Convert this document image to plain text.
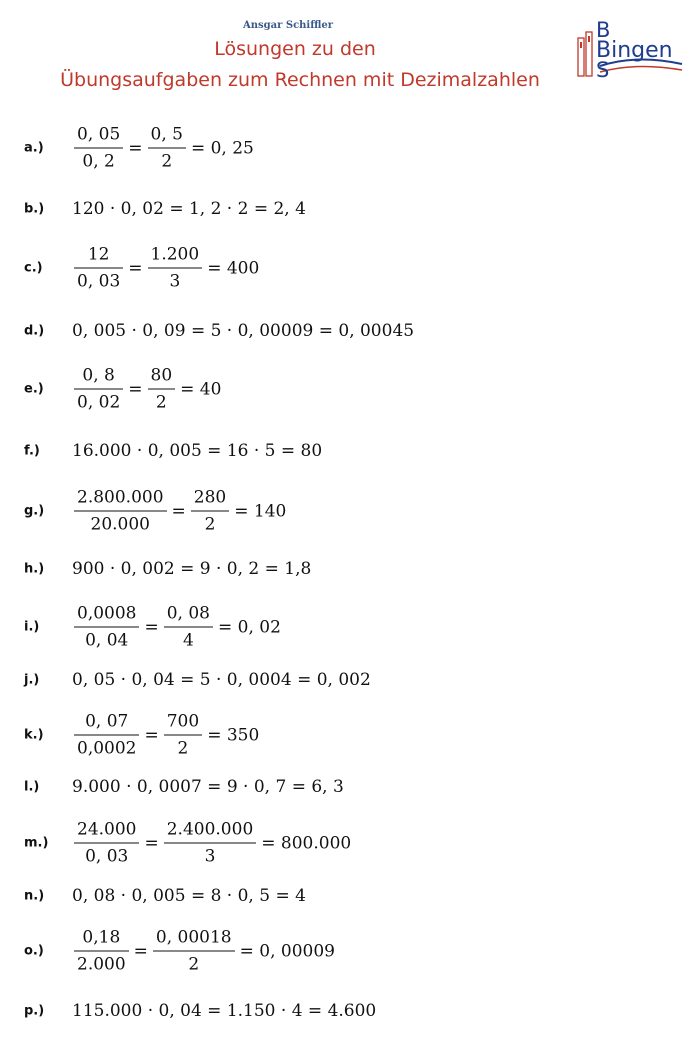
Ansgar Schiffler
Lösungen zu den
Übungsaufgaben zum Rechnen mit Dezimalzahlen
B
Bingen
S
$a.) \frac{0, 05}{0, 2} = \frac{0, 5}{2} = 0$, 25
b.) 120 · 0, 02 = 1, 2 · 2 = 2, 4
$c.) \frac{12}{0, 03} = \frac{1.200}{3} = 400$
d.) 0, 005 · 0, 09 = 5 · 0, 00009 = 0, 00045
$e.) \frac{0, 8}{0, 02} = \frac{80}{2} = 40$
f.) 16.000 · 0, 005 = 16 · 5 = 80
$g.) \frac{2.800.000}{20.000} = \frac{280}{2} = 140$
h.) 900 · 0, 002 = 9 · 0, 2 = 1,8
$i.) \frac{0,0008}{0, 04} = \frac{0, 08}{4} = 0$, 02
j.) 0, 05 · 0, 04 = 5 · 0, 0004 = 0, 002
$k.) \frac{0, 07}{0,0002} = \frac{700}{2} = 350$
l.) 9.000 · 0, 0007 = 9 · 0, 7 = 6, 3
$m.) \frac{24.000}{0, 03} = \frac{2.400.000}{3} = 800.000$
n.) 0, 08 · 0, 005 = 8 · 0, 5 = 4
$o.) \frac{0,18}{2.000} = \frac{0, 00018}{2} = 0$, 00009
p.) 115.000 · 0, 04 = 1.150 · 4 = 4.600
